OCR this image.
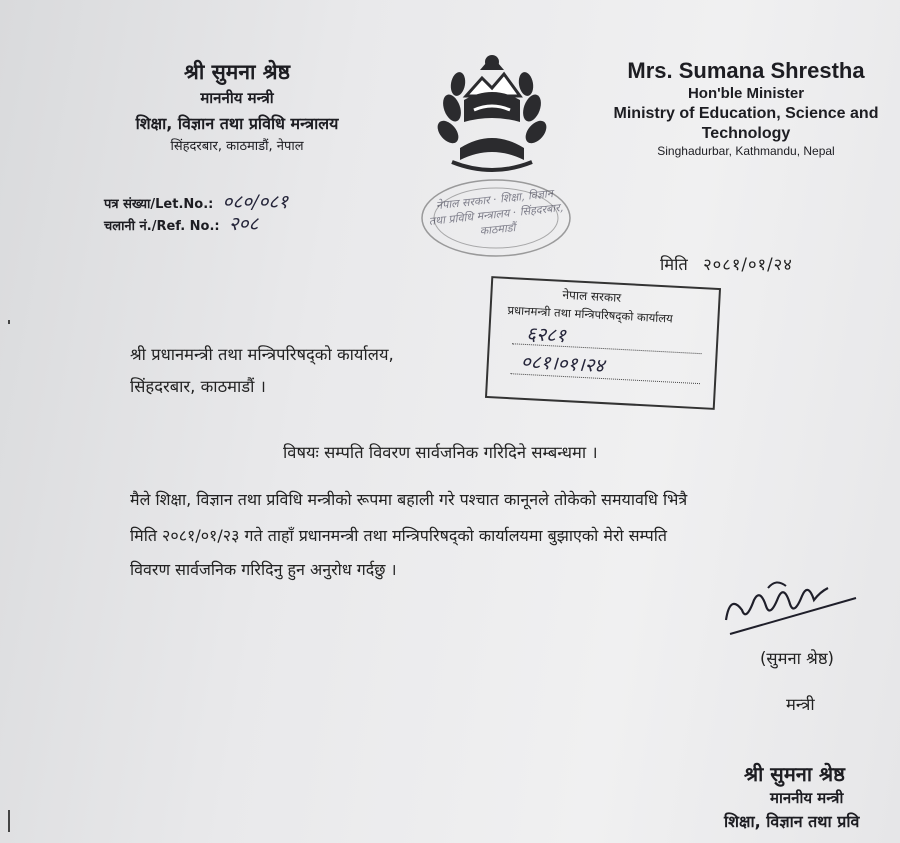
श्री सुमना श्रेष्ठ
माननीय मन्त्री
शिक्षा, विज्ञान तथा प्रविधि मन्त्रालय
सिंहदरबार, काठमाडौं, नेपाल
नेपाल सरकार · शिक्षा, विज्ञान तथा प्रविधि मन्त्रालय · सिंहदरबार, काठमाडौं
Mrs. Sumana Shrestha
Hon'ble Minister
Ministry of Education, Science and
Technology
Singhadurbar, Kathmandu, Nepal
पत्र संख्या/Let.No.: ०८०/०८१
चलानी नं./Ref. No.: २०८
मिति २०८१/०१/२४
श्री प्रधानमन्त्री तथा मन्त्रिपरिषद्को कार्यालय,
सिंहदरबार, काठमाडौं ।
नेपाल सरकार
प्रधानमन्त्री तथा मन्त्रिपरिषद्को कार्यालय
६२८१
०८१।०१।२४
विषयः सम्पति विवरण सार्वजनिक गरिदिने सम्बन्धमा ।
मैले शिक्षा, विज्ञान तथा प्रविधि मन्त्रीको रूपमा बहाली गरे पश्चात कानूनले तोकेको समयावधि भित्रै
मिति २०८१/०१/२३ गते ताहाँ प्रधानमन्त्री तथा मन्त्रिपरिषद्को कार्यालयमा बुझाएको मेरो सम्पति
विवरण सार्वजनिक गरिदिनु हुन अनुरोध गर्दछु ।
(सुमना श्रेष्ठ)
मन्त्री
श्री सुमना श्रेष्ठ
माननीय मन्त्री
शिक्षा, विज्ञान तथा प्रवि
